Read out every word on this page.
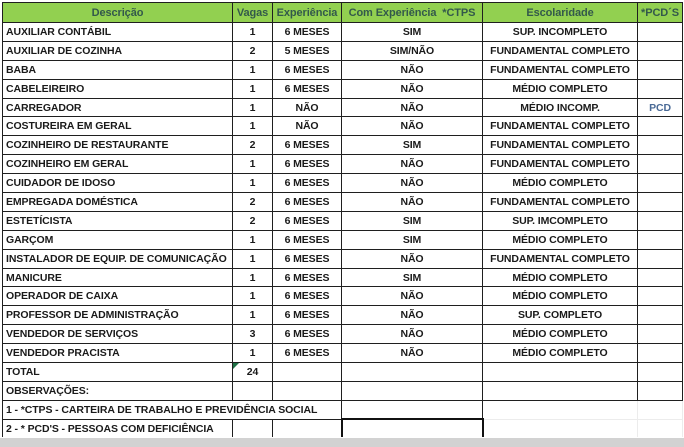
Descrição	Vagas	Experiência	Com Experiência  *CTPS	Escolaridade	*PCD´S
AUXILIAR CONTÁBIL	1	6 MESES	SIM	SUP. INCOMPLETO	
AUXILIAR DE COZINHA	2	5 MESES	SIM/NÃO	FUNDAMENTAL COMPLETO	
BABA	1	6 MESES	NÃO	FUNDAMENTAL COMPLETO	
CABELEIREIRO	1	6 MESES	NÃO	MÉDIO COMPLETO	
CARREGADOR	1	NÃO	NÃO	MÉDIO INCOMP.	PCD
COSTUREIRA EM GERAL	1	NÃO	NÃO	FUNDAMENTAL COMPLETO	
COZINHEIRO DE RESTAURANTE	2	6 MESES	SIM	FUNDAMENTAL COMPLETO	
COZINHEIRO EM GERAL	1	6 MESES	NÃO	FUNDAMENTAL COMPLETO	
CUIDADOR DE IDOSO	1	6 MESES	NÃO	MÉDIO COMPLETO	
EMPREGADA DOMÉSTICA	2	6 MESES	NÃO	FUNDAMENTAL COMPLETO	
ESTETÍCISTA	2	6 MESES	SIM	SUP. IMCOMPLETO	
GARÇOM	1	6 MESES	SIM	MÉDIO COMPLETO	
INSTALADOR DE EQUIP. DE COMUNICAÇÃO	1	6 MESES	NÃO	FUNDAMENTAL COMPLETO	
MANICURE	1	6 MESES	SIM	MÉDIO COMPLETO	
OPERADOR DE CAIXA	1	6 MESES	NÃO	MÉDIO COMPLETO	
PROFESSOR DE ADMINISTRAÇÃO	1	6 MESES	NÃO	SUP. COMPLETO	
VENDEDOR DE SERVIÇOS	3	6 MESES	NÃO	MÉDIO COMPLETO	
VENDEDOR PRACISTA	1	6 MESES	NÃO	MÉDIO COMPLETO	
TOTAL	24				
OBSERVAÇÕES:					
1 - *CTPS - CARTEIRA DE TRABALHO E PREVIDÊNCIA SOCIAL					
2 - * PCD'S - PESSOAS COM DEFICIÊNCIA					
